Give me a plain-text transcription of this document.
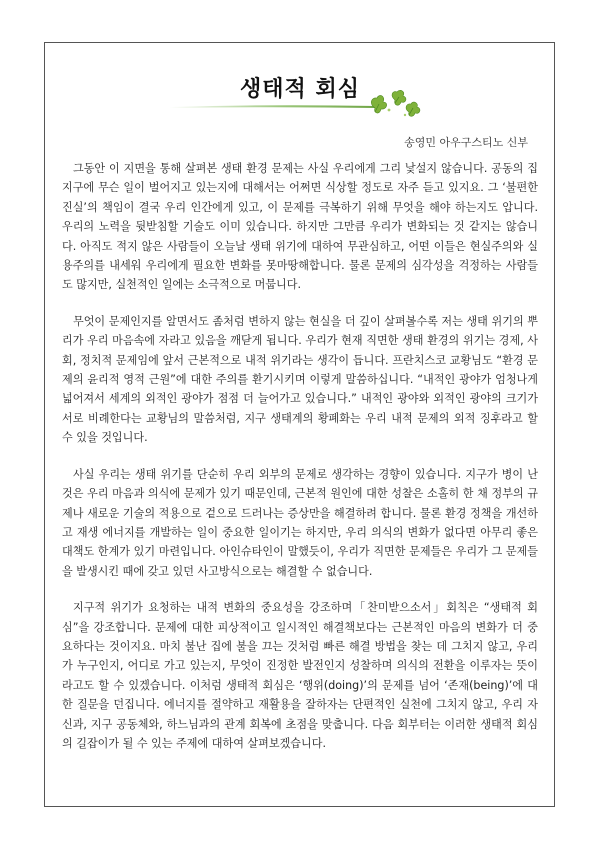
생태적 회심

송영민 아우구스티노 신부

그동안 이 지면을 통해 살펴본 생태 환경 문제는 사실 우리에게 그리 낯설지 않습니다. 공동의 집 지구에 무슨 일이 벌어지고 있는지에 대해서는 어쩌면 식상할 정도로 자주 듣고 있지요. 그 ‘불편한 진실’의 책임이 결국 우리 인간에게 있고, 이 문제를 극복하기 위해 무엇을 해야 하는지도 압니다. 우리의 노력을 뒷받침할 기술도 이미 있습니다. 하지만 그만큼 우리가 변화되는 것 같지는 않습니다. 아직도 적지 않은 사람들이 오늘날 생태 위기에 대하여 무관심하고, 어떤 이들은 현실주의와 실용주의를 내세워 우리에게 필요한 변화를 못마땅해합니다. 물론 문제의 심각성을 걱정하는 사람들도 많지만, 실천적인 일에는 소극적으로 머뭅니다.

무엇이 문제인지를 알면서도 좀처럼 변하지 않는 현실을 더 깊이 살펴볼수록 저는 생태 위기의 뿌리가 우리 마음속에 자라고 있음을 깨닫게 됩니다. 우리가 현재 직면한 생태 환경의 위기는 경제, 사회, 정치적 문제임에 앞서 근본적으로 내적 위기라는 생각이 듭니다. 프란치스코 교황님도 “환경 문제의 윤리적 영적 근원”에 대한 주의를 환기시키며 이렇게 말씀하십니다. “내적인 광야가 엄청나게 넓어져서 세계의 외적인 광야가 점점 더 늘어가고 있습니다.” 내적인 광야와 외적인 광야의 크기가 서로 비례한다는 교황님의 말씀처럼, 지구 생태계의 황폐화는 우리 내적 문제의 외적 징후라고 할 수 있을 것입니다.

사실 우리는 생태 위기를 단순히 우리 외부의 문제로 생각하는 경향이 있습니다. 지구가 병이 난 것은 우리 마음과 의식에 문제가 있기 때문인데, 근본적 원인에 대한 성찰은 소홀히 한 채 정부의 규제나 새로운 기술의 적용으로 겉으로 드러나는 증상만을 해결하려 합니다. 물론 환경 정책을 개선하고 재생 에너지를 개발하는 일이 중요한 일이기는 하지만, 우리 의식의 변화가 없다면 아무리 좋은 대책도 한계가 있기 마련입니다. 아인슈타인이 말했듯이, 우리가 직면한 문제들은 우리가 그 문제들을 발생시킨 때에 갖고 있던 사고방식으로는 해결할 수 없습니다.

지구적 위기가 요청하는 내적 변화의 중요성을 강조하며「찬미받으소서」회칙은 “생태적 회심”을 강조합니다. 문제에 대한 피상적이고 일시적인 해결책보다는 근본적인 마음의 변화가 더 중요하다는 것이지요. 마치 불난 집에 불을 끄는 것처럼 빠른 해결 방법을 찾는 데 그치지 않고, 우리가 누구인지, 어디로 가고 있는지, 무엇이 진정한 발전인지 성찰하며 의식의 전환을 이루자는 뜻이라고도 할 수 있겠습니다. 이처럼 생태적 회심은 ‘행위(doing)’의 문제를 넘어 ‘존재(being)’에 대한 질문을 던집니다. 에너지를 절약하고 재활용을 잘하자는 단편적인 실천에 그치지 않고, 우리 자신과, 지구 공동체와, 하느님과의 관계 회복에 초점을 맞춥니다. 다음 회부터는 이러한 생태적 회심의 길잡이가 될 수 있는 주제에 대하여 살펴보겠습니다.
